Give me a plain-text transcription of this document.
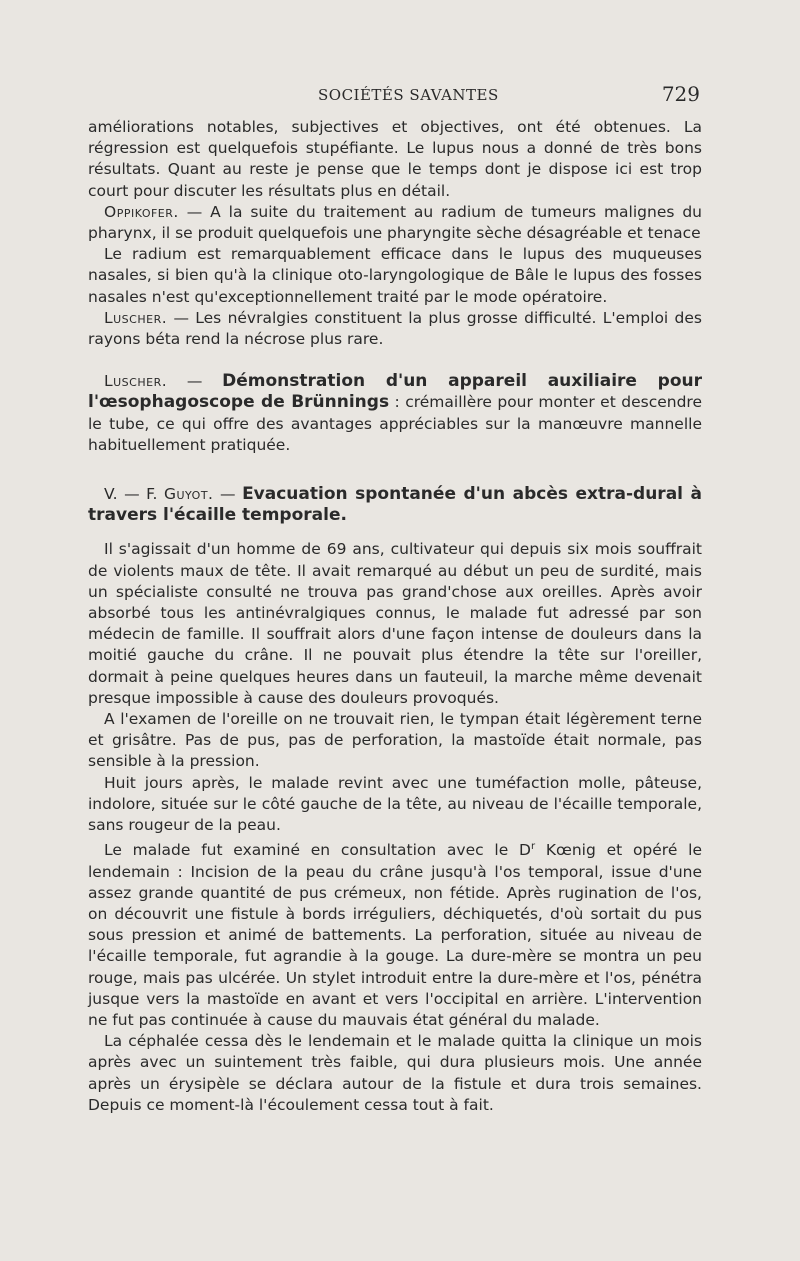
SOCIÉTÉS SAVANTES	729

améliorations notables, subjectives et objectives, ont été obtenues. La régression est quelquefois stupéfiante. Le lupus nous a donné de très bons résultats. Quant au reste je pense que le temps dont je dispose ici est trop court pour discuter les résultats plus en détail.

Oppikofer. — A la suite du traitement au radium de tumeurs malignes du pharynx, il se produit quelquefois une pharyngite sèche désagréable et tenace

Le radium est remarquablement efficace dans le lupus des muqueuses nasales, si bien qu'à la clinique oto-laryngologique de Bâle le lupus des fosses nasales n'est qu'exceptionnellement traité par le mode opératoire.

Luscher. — Les névralgies constituent la plus grosse difficulté. L'emploi des rayons béta rend la nécrose plus rare.

Luscher. — Démonstration d'un appareil auxiliaire pour l'œsophagoscope de Brünnings : crémaillère pour monter et descendre le tube, ce qui offre des avantages appréciables sur la manœuvre mannelle habituellement pratiquée.

V. — F. Guyot. — Evacuation spontanée d'un abcès extra-dural à travers l'écaille temporale.

Il s'agissait d'un homme de 69 ans, cultivateur qui depuis six mois souffrait de violents maux de tête. Il avait remarqué au début un peu de surdité, mais un spécialiste consulté ne trouva pas grand'chose aux oreilles. Après avoir absorbé tous les antinévralgiques connus, le malade fut adressé par son médecin de famille. Il souffrait alors d'une façon intense de douleurs dans la moitié gauche du crâne. Il ne pouvait plus étendre la tête sur l'oreiller, dormait à peine quelques heures dans un fauteuil, la marche même devenait presque impossible à cause des douleurs provoqués.

A l'examen de l'oreille on ne trouvait rien, le tympan était légèrement terne et grisâtre. Pas de pus, pas de perforation, la mastoïde était normale, pas sensible à la pression.

Huit jours après, le malade revint avec une tuméfaction molle, pâteuse, indolore, située sur le côté gauche de la tête, au niveau de l'écaille temporale, sans rougeur de la peau.

Le malade fut examiné en consultation avec le $D^r$ Kœnig et opéré le lendemain : Incision de la peau du crâne jusqu'à l'os temporal, issue d'une assez grande quantité de pus crémeux, non fétide. Après rugination de l'os, on découvrit une fistule à bords irréguliers, déchiquetés, d'où sortait du pus sous pression et animé de battements. La perforation, située au niveau de l'écaille temporale, fut agrandie à la gouge. La dure-mère se montra un peu rouge, mais pas ulcérée. Un stylet introduit entre la dure-mère et l'os, pénétra jusque vers la mastoïde en avant et vers l'occipital en arrière. L'intervention ne fut pas continuée à cause du mauvais état général du malade.

La céphalée cessa dès le lendemain et le malade quitta la clinique un mois après avec un suintement très faible, qui dura plusieurs mois. Une année après un érysipèle se déclara autour de la fistule et dura trois semaines. Depuis ce moment-là l'écoulement cessa tout à fait.
